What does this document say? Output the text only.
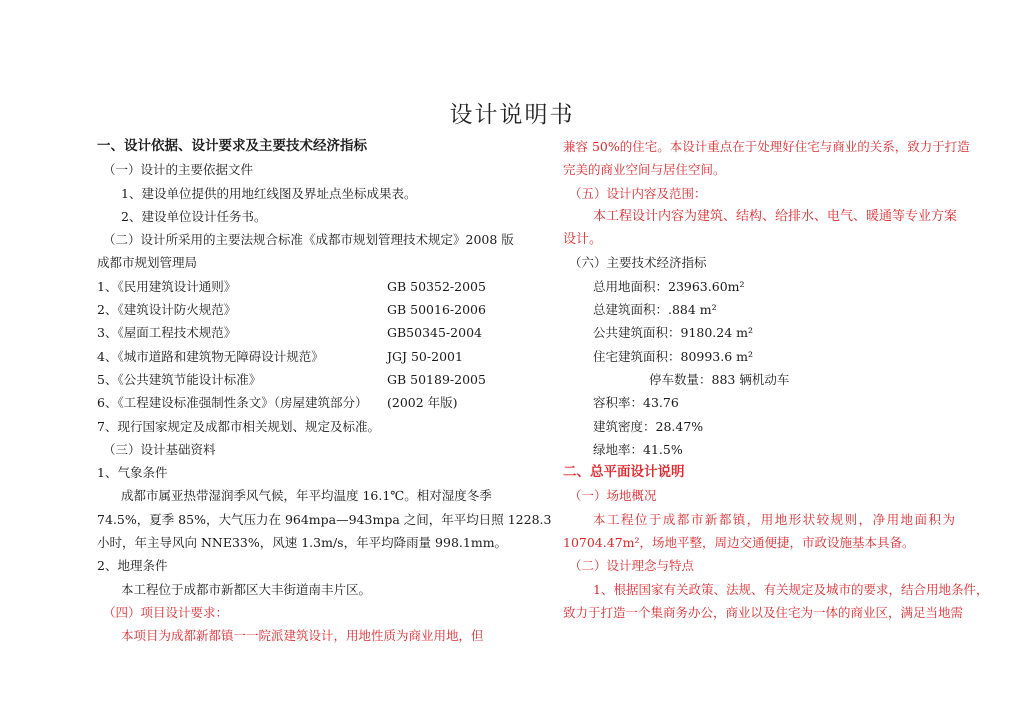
设计说明书
一、设计依据、设计要求及主要技术经济指标
（一）设计的主要依据文件
1、建设单位提供的用地红线图及界址点坐标成果表。
2、建设单位设计任务书。
（二）设计所采用的主要法规合标准《成都市规划管理技术规定》2008 版
成都市规划管理局
1、《民用建筑设计通则》	GB 50352-2005
2、《建筑设计防火规范》	GB 50016-2006
3、《屋面工程技术规范》	GB50345-2004
4、《城市道路和建筑物无障碍设计规范》	JGJ 50-2001
5、《公共建筑节能设计标准》	GB 50189-2005
6、《工程建设标准强制性条文》（房屋建筑部分） (2002 年版)
7、现行国家规定及成都市相关规划、规定及标准。
（三）设计基础资料
1、气象条件
成都市属亚热带湿润季风气候，年平均温度 16.1℃。相对湿度冬季
74.5%，夏季 85%，大气压力在 964mpa—943mpa 之间，年平均日照 1228.3
小时，年主导风向 NNE33%，风速 1.3m/s，年平均降雨量 998.1mm。
2、地理条件
本工程位于成都市新都区大丰街道南丰片区。
（四）项目设计要求：
本项目为成都新都镇一一院派建筑设计，用地性质为商业用地，但
兼容 50%的住宅。本设计重点在于处理好住宅与商业的关系，致力于打造
完美的商业空间与居住空间。
（五）设计内容及范围：
本工程设计内容为建筑、结构、给排水、电气、暖通等专业方案
设计。
（六）主要技术经济指标
总用地面积：23963.60m²
总建筑面积：.884 m²
公共建筑面积：9180.24 m²
住宅建筑面积：80993.6 m²
停车数量：883 辆机动车
容积率：43.76
建筑密度：28.47%
绿地率：41.5%
二、总平面设计说明
（一）场地概况
本工程位于成都市新都镇，用地形状较规则，净用地面积为
10704.47m²，场地平整，周边交通便捷，市政设施基本具备。
（二）设计理念与特点
1、根据国家有关政策、法规、有关规定及城市的要求，结合用地条件，
致力于打造一个集商务办公，商业以及住宅为一体的商业区，满足当地需
